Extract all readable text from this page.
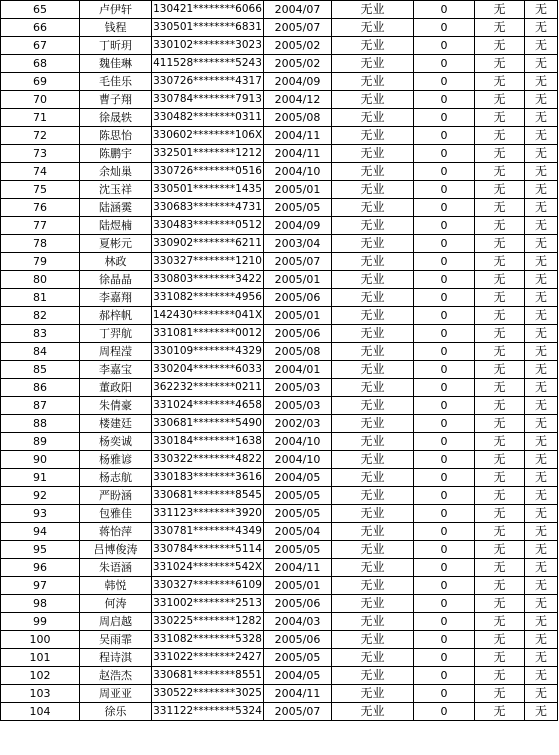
65	卢伊轩	130421********6066	2004/07	无业	0	无	无
66	钱程	330501********6831	2005/07	无业	0	无	无
67	丁昕玥	330102********3023	2005/02	无业	0	无	无
68	魏佳琳	411528********5243	2005/02	无业	0	无	无
69	毛佳乐	330726********4317	2004/09	无业	0	无	无
70	曹子翔	330784********7913	2004/12	无业	0	无	无
71	徐晟轶	330482********0311	2005/08	无业	0	无	无
72	陈思怡	330602********106X	2004/11	无业	0	无	无
73	陈鹏宇	332501********1212	2004/11	无业	0	无	无
74	余灿巢	330726********0516	2004/10	无业	0	无	无
75	沈玉祥	330501********1435	2005/01	无业	0	无	无
76	陆涵霙	330683********4731	2005/05	无业	0	无	无
77	陆煜楠	330483********0512	2004/09	无业	0	无	无
78	夏彬元	330902********6211	2003/04	无业	0	无	无
79	林政	330327********1210	2005/07	无业	0	无	无
80	徐晶晶	330803********3422	2005/01	无业	0	无	无
81	李嘉翔	331082********4956	2005/06	无业	0	无	无
82	郝梓帆	142430********041X	2005/01	无业	0	无	无
83	丁羿航	331081********0012	2005/06	无业	0	无	无
84	周程滢	330109********4329	2005/08	无业	0	无	无
85	李嘉宝	330204********6033	2004/01	无业	0	无	无
86	董政阳	362232********0211	2005/03	无业	0	无	无
87	朱倩豪	331024********4658	2005/03	无业	0	无	无
88	楼建廷	330681********5490	2002/03	无业	0	无	无
89	杨奕诚	330184********1638	2004/10	无业	0	无	无
90	杨雅谚	330322********4822	2004/10	无业	0	无	无
91	杨志航	330183********3616	2004/05	无业	0	无	无
92	严盼涵	330681********8545	2005/05	无业	0	无	无
93	包雅佳	331123********3920	2005/05	无业	0	无	无
94	蒋怡萍	330781********4349	2005/04	无业	0	无	无
95	吕博俊涛	330784********5114	2005/05	无业	0	无	无
96	朱语涵	331024********542X	2004/11	无业	0	无	无
97	韩悦	330327********6109	2005/01	无业	0	无	无
98	何涛	331002********2513	2005/06	无业	0	无	无
99	周启越	330225********1282	2004/03	无业	0	无	无
100	吴雨霏	331082********5328	2005/06	无业	0	无	无
101	程诗淇	331022********2427	2005/05	无业	0	无	无
102	赵浩杰	330681********8551	2004/05	无业	0	无	无
103	周亚亚	330522********3025	2004/11	无业	0	无	无
104	徐乐	331122********5324	2005/07	无业	0	无	无
